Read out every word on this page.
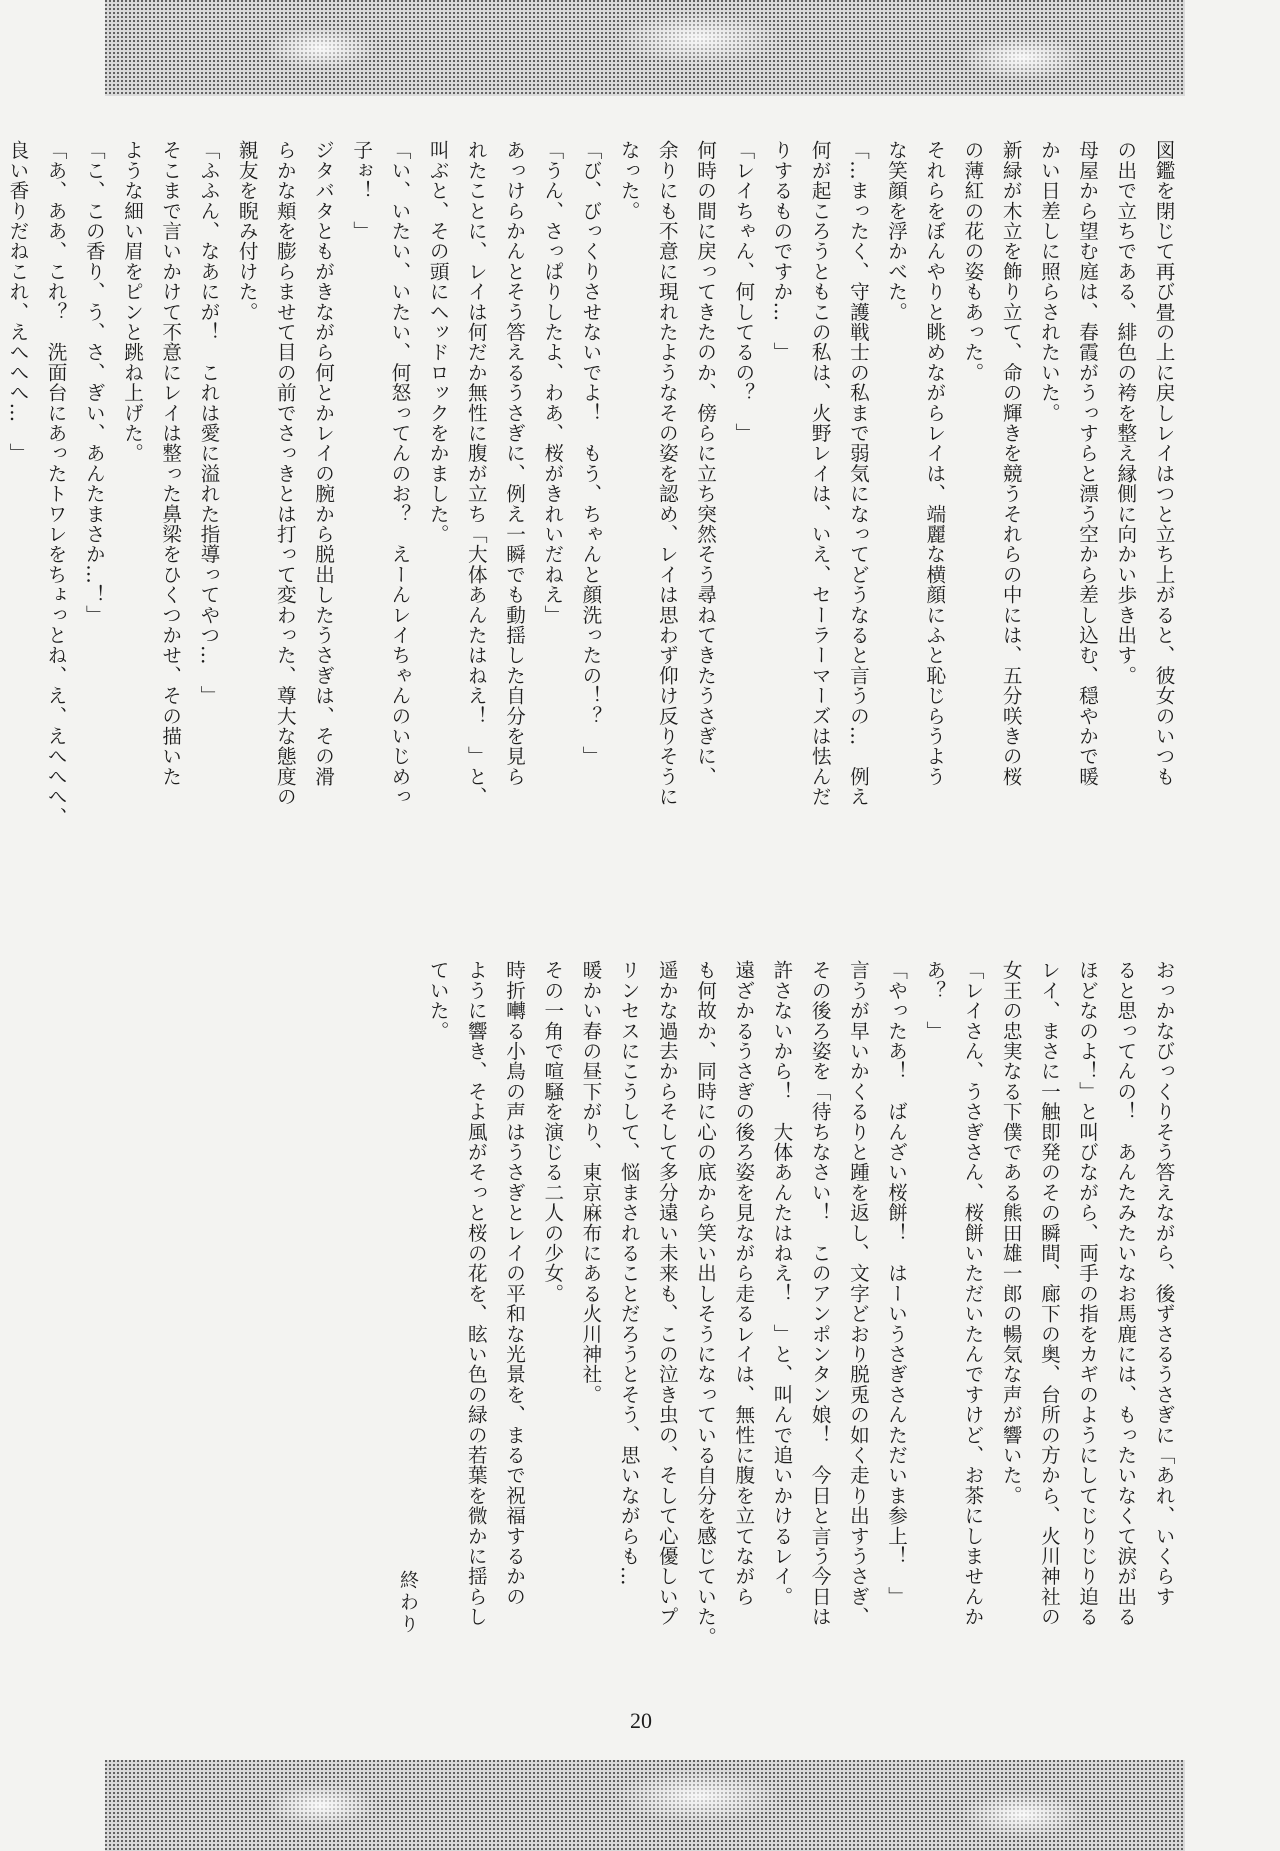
図鑑を閉じて再び畳の上に戻しレイはつと立ち上がると、彼女のいつも

の出で立ちである、緋色の袴を整え縁側に向かい歩き出す。

母屋から望む庭は、春霞がうっすらと漂う空から差し込む、穏やかで暖

かい日差しに照らされたいた。

新緑が木立を飾り立て、命の輝きを競うそれらの中には、五分咲きの桜

の薄紅の花の姿もあった。

それらをぼんやりと眺めながらレイは、端麗な横顔にふと恥じらうよう

な笑顔を浮かべた。

「…まったく、守護戦士の私まで弱気になってどうなると言うの…　例え

何が起ころうともこの私は、火野レイは、いえ、セーラーマーズは怯んだ

りするものですか…　」

「レイちゃん、何してるの？　」

何時の間に戻ってきたのか、傍らに立ち突然そう尋ねてきたうさぎに、

余りにも不意に現れたようなその姿を認め、レイは思わず仰け反りそうに

なった。

「び、びっくりさせないでよ！　もう、ちゃんと顔洗ったの！？　」

「うん、さっぱりしたよ、わあ、桜がきれいだねえ」

あっけらかんとそう答えるうさぎに、例え一瞬でも動揺した自分を見ら

れたことに、レイは何だか無性に腹が立ち「大体あんたはねえ！　」と、

叫ぶと、その頭にヘッドロックをかました。

「い、いたい、いたい、何怒ってんのお？　えーんレイちゃんのいじめっ

子ぉ！　」

ジタバタともがきながら何とかレイの腕から脱出したうさぎは、その滑

らかな頬を膨らませて目の前でさっきとは打って変わった、尊大な態度の

親友を睨み付けた。

「ふふん、なあにが！　これは愛に溢れた指導ってやつ…　」

そこまで言いかけて不意にレイは整った鼻梁をひくつかせ、その描いた

ような細い眉をピンと跳ね上げた。

「こ、この香り、う、さ、ぎい、あんたまさか…！」

「あ、ああ、これ？　洗面台にあったトワレをちょっとね、え、えへへへ、

良い香りだねこれ、えへへへ…　」

おっかなびっくりそう答えながら、後ずさるうさぎに「あれ、いくらす

ると思ってんの！　あんたみたいなお馬鹿には、もったいなくて涙が出る

ほどなのよ！」と叫びながら、両手の指をカギのようにしてじりじり迫る

レイ、まさに一触即発のその瞬間、廊下の奥、台所の方から、火川神社の

女王の忠実なる下僕である熊田雄一郎の暢気な声が響いた。

「レイさん、うさぎさん、桜餅いただいたんですけど、お茶にしませんか

あ？　」

「やったあ！　ばんざい桜餅！　はーいうさぎさんただいま参上！　」

言うが早いかくるりと踵を返し、文字どおり脱兎の如く走り出すうさぎ、

その後ろ姿を「待ちなさい！　このアンポンタン娘！　今日と言う今日は

許さないから！　大体あんたはねえ！　」と、叫んで追いかけるレイ。

遠ざかるうさぎの後ろ姿を見ながら走るレイは、無性に腹を立てながら

も何故か、同時に心の底から笑い出しそうになっている自分を感じていた。

遥かな過去からそして多分遠い未来も、この泣き虫の、そして心優しいプ

リンセスにこうして、悩まされることだろうとそう、思いながらも…

暖かい春の昼下がり、東京麻布にある火川神社。

その一角で喧騒を演じる二人の少女。

時折囀る小鳥の声はうさぎとレイの平和な光景を、まるで祝福するかの

ように響き、そよ風がそっと桜の花を、眩い色の緑の若葉を微かに揺らし

ていた。

終わり
20
